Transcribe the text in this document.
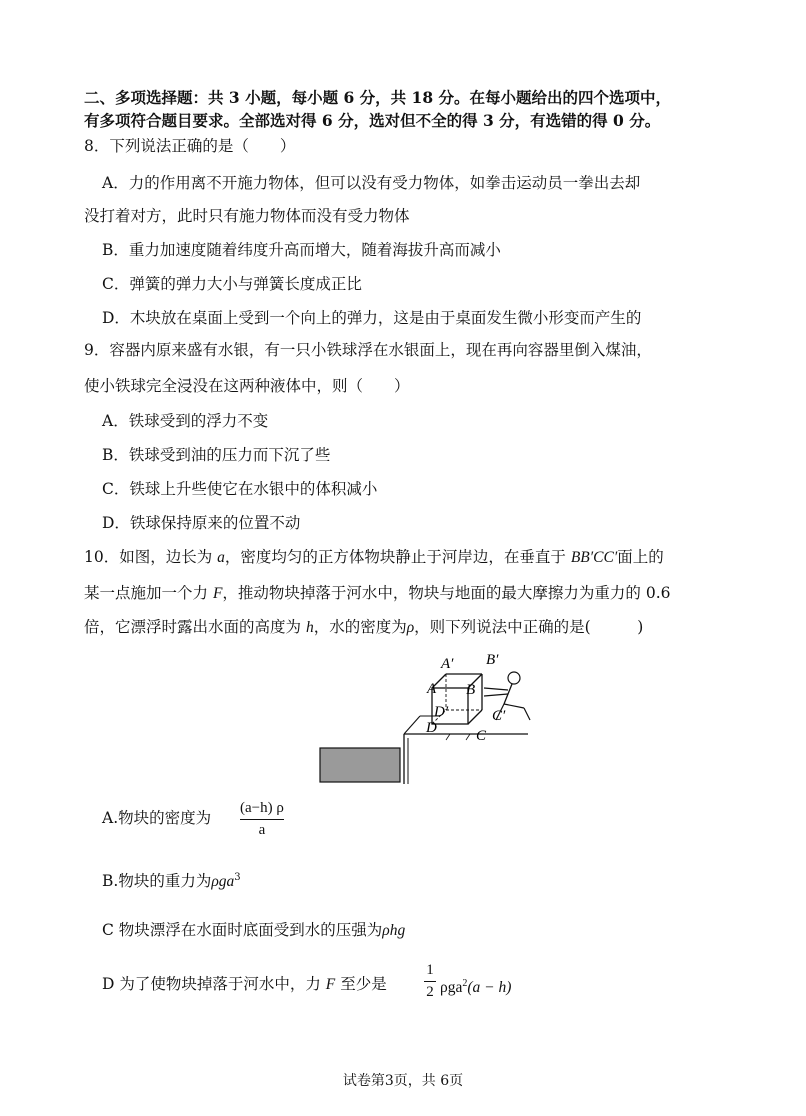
二、多项选择题：共 3 小题，每小题 6 分，共 18 分。在每小题给出的四个选项中，
有多项符合题目要求。全部选对得 6 分，选对但不全的得 3 分，有选错的得 0 分。
8．下列说法正确的是（　　）
A．力的作用离不开施力物体，但可以没有受力物体，如拳击运动员一拳出去却
没打着对方，此时只有施力物体而没有受力物体
B．重力加速度随着纬度升高而增大，随着海拔升高而减小
C．弹簧的弹力大小与弹簧长度成正比
D．木块放在桌面上受到一个向上的弹力，这是由于桌面发生微小形变而产生的
9．容器内原来盛有水银，有一只小铁球浮在水银面上，现在再向容器里倒入煤油，
使小铁球完全浸没在这两种液体中，则（　　）
A．铁球受到的浮力不变
B．铁球受到油的压力而下沉了些
C．铁球上升些使它在水银中的体积减小
D．铁球保持原来的位置不动
10．如图，边长为 a，密度均匀的正方体物块静止于河岸边，在垂直于 BB′CC′面上的
某一点施加一个力 F，推动物块掉落于河水中，物块与地面的最大摩擦力为重力的 0.6
倍，它漂浮时露出水面的高度为 h，水的密度为ρ，则下列说法中正确的是(　　　)
A′ B′
A B
D′	C′
D	C
A.物块的密度为
(a−h) ρ
a
B.物块的重力为ρga$^3$
C 物块漂浮在水面时底面受到水的压强为ρhg
D 为了使物块掉落于河水中，力 F 至少是
1
2 ρga$^2$(a − h)
试卷第3页，共 6页
